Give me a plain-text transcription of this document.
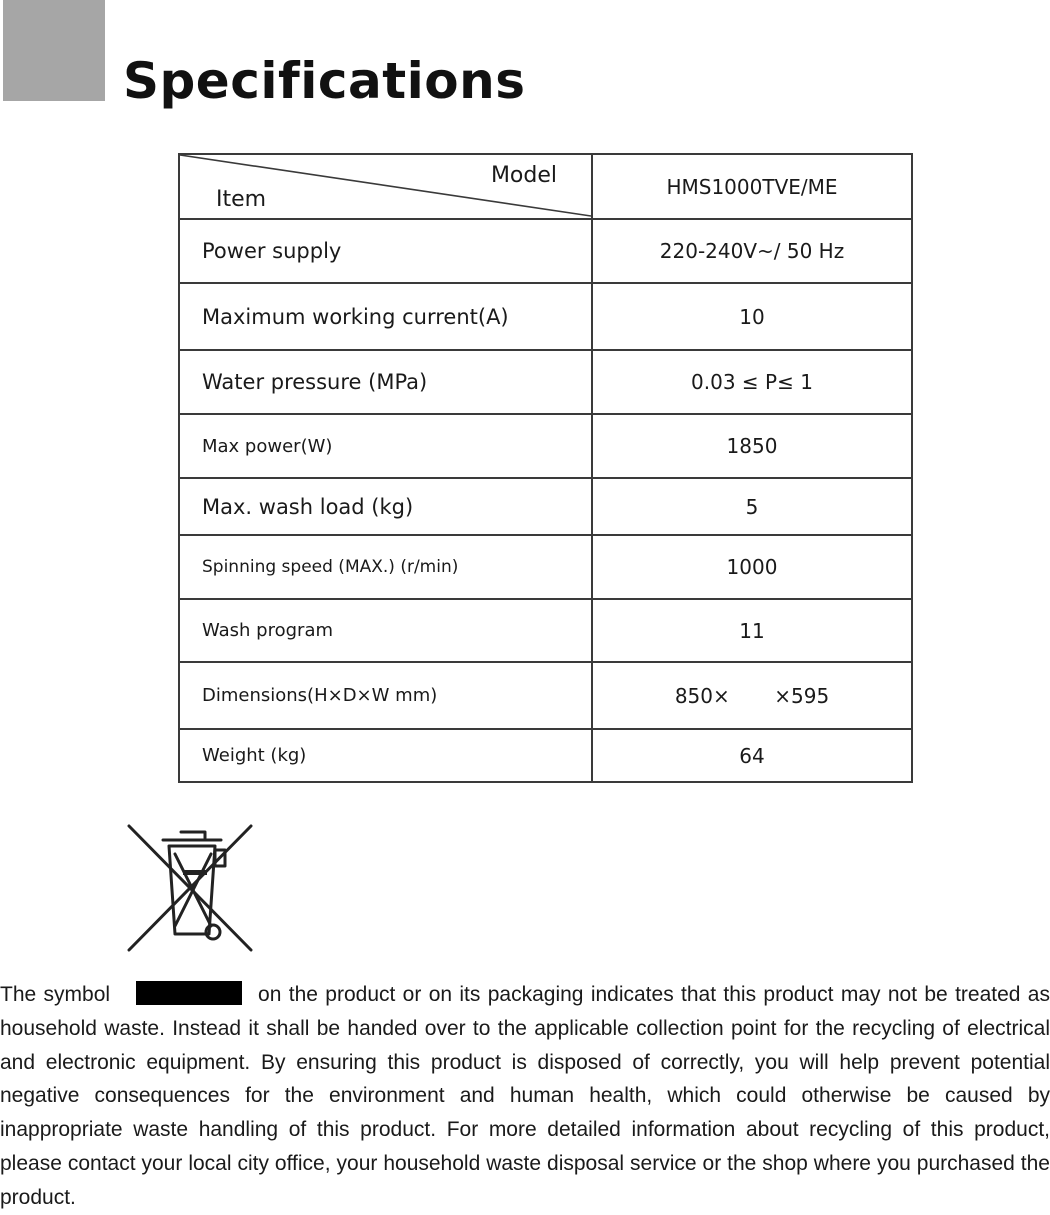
Specifications
Model
Item	HMS1000TVE/ME
Power supply	220-240V~/ 50 Hz
Maximum working current(A)	10
Water pressure (MPa)	0.03 ≤ P≤ 1
Max power(W)	1850
Max. wash load (kg)	5
Spinning speed (MAX.) (r/min)	1000
Wash program	11
Dimensions(H×D×W mm)	850×       ×595
Weight (kg)	64

The symbol	on the product or on its packaging indicates that this product may not be treated as household waste. Instead it shall be handed over to the applicable collection point for the recycling of electrical and electronic equipment. By ensuring this product is disposed of correctly, you will help prevent potential negative consequences for the environment and human health, which could otherwise be caused by inappropriate waste handling of this product. For more detailed information about recycling of this product, please contact your local city office, your household waste disposal service or the shop where you purchased the product.
